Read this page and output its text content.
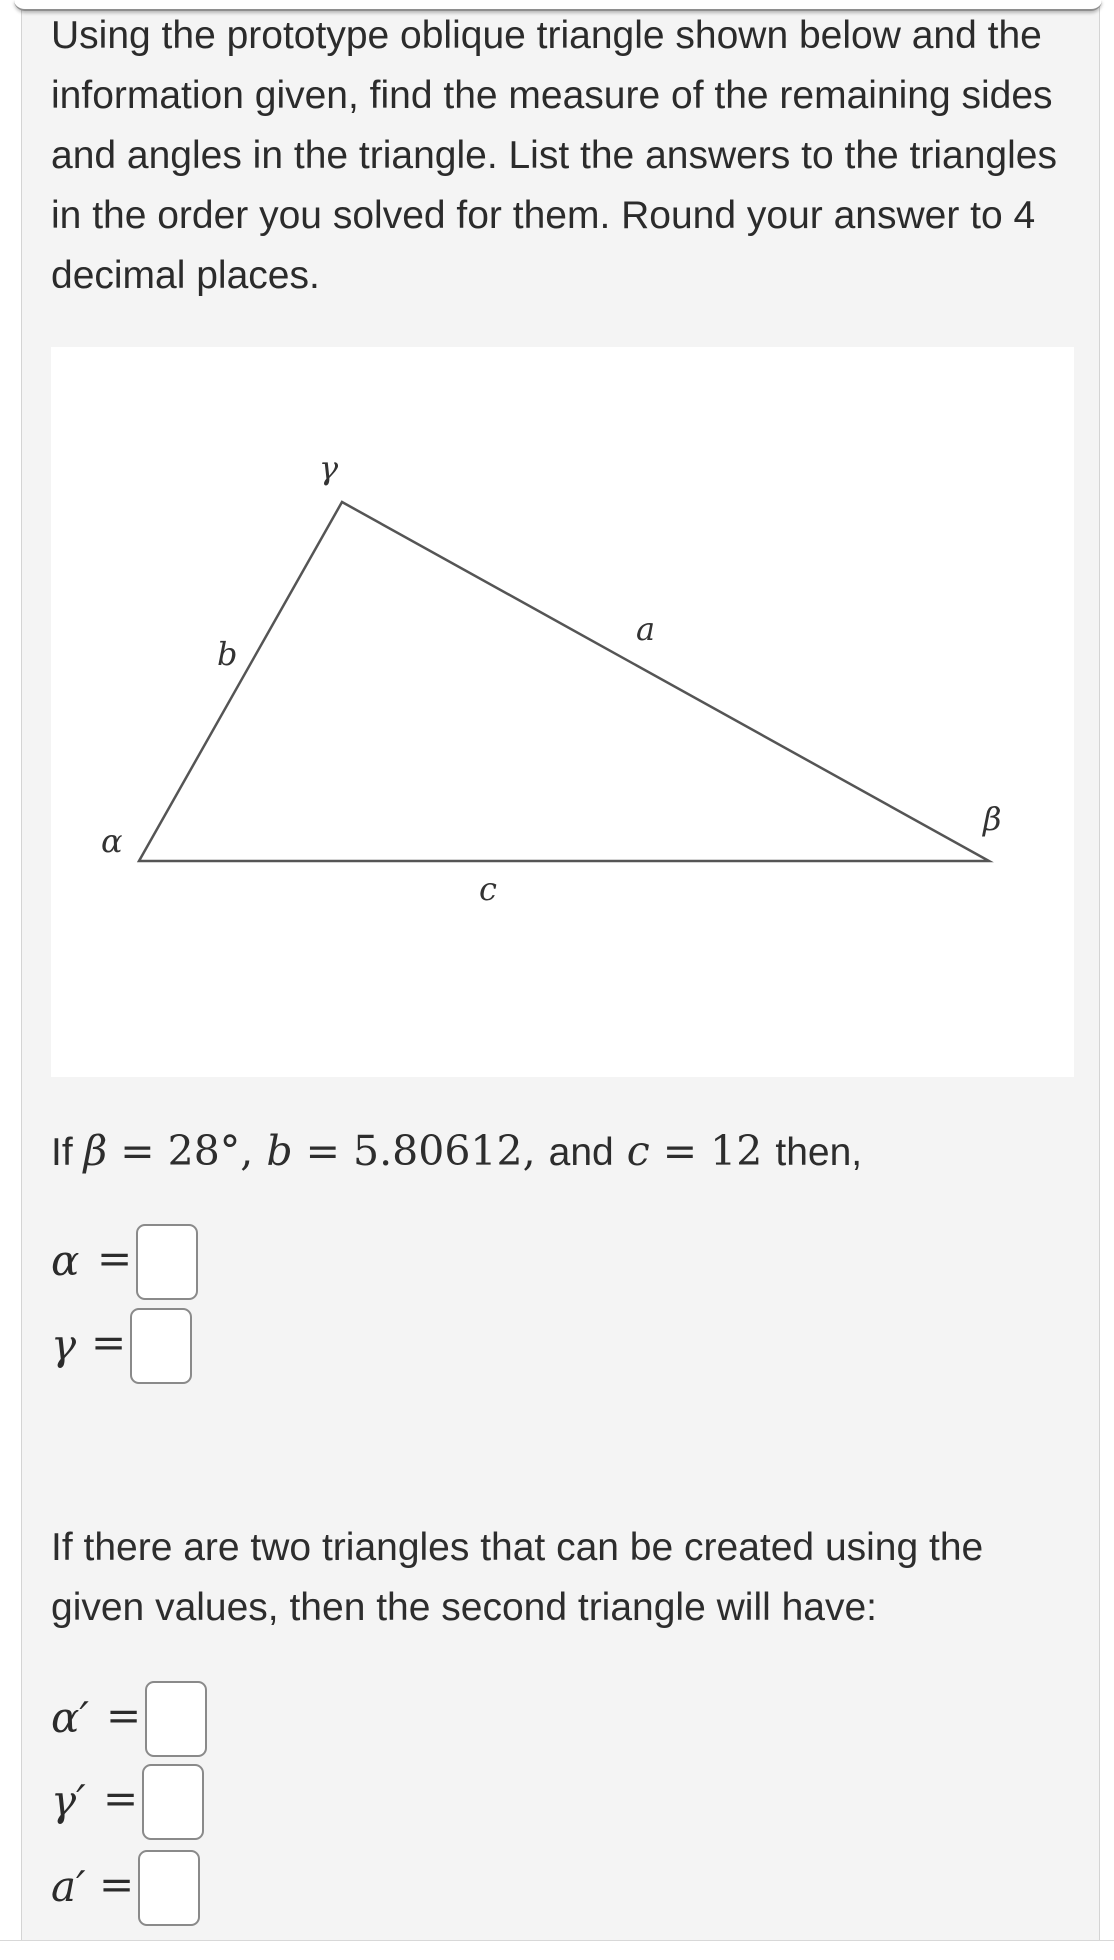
Using the prototype oblique triangle shown below and the information given, find the measure of the remaining sides and angles in the triangle. List the answers to the triangles in the order you solved for them. Round your answer to 4 decimal places.
γ
α
β
a
b
c
If β = 28°, b = 5.80612, and c = 12 then,
α =
γ =
If there are two triangles that can be created using the given values, then the second triangle will have:
α′ =
γ′ =
a′ =
